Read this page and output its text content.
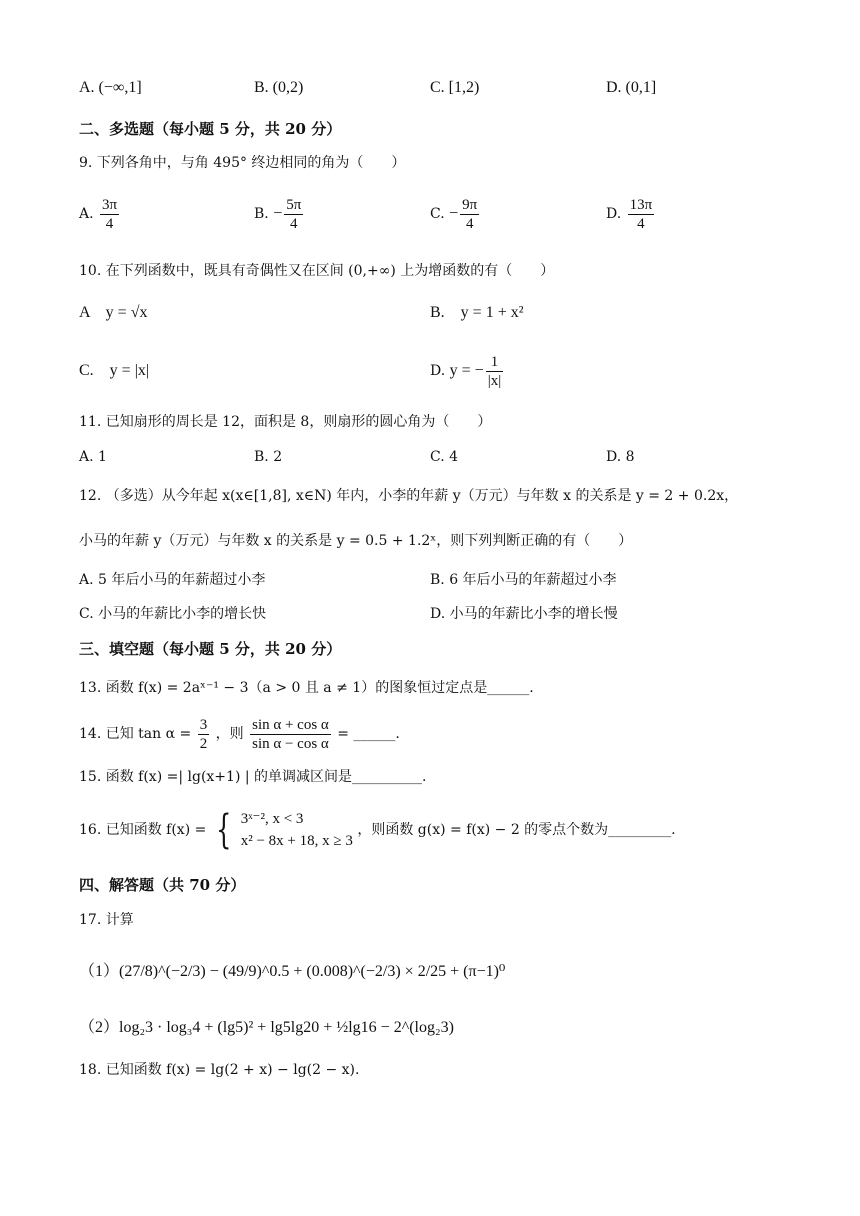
A. (−∞,1]	B. (0,2)	C. [1,2)	D. (0,1]
二、多选题（每小题 5 分，共 20 分）
9. 下列各角中，与角 495° 终边相同的角为（　　）
A. $\frac{3\pi}{4}$	B. − $\frac{5\pi}{4}$	C. − $\frac{9\pi}{4}$	D. $\frac{13\pi}{4}$
10. 在下列函数中，既具有奇偶性又在区间 (0,+∞) 上为增函数的有（　　）
A　y = √x	B.　y = 1 + x²
C.　y = |x|	D. y = − $\frac{1}{|x|}$
11. 已知扇形的周长是 12，面积是 8，则扇形的圆心角为（　　）
A. 1	B. 2	C. 4	D. 8
12. （多选）从今年起 x(x∈[1,8], x∈N) 年内，小李的年薪 y（万元）与年数 x 的关系是 y = 2 + 0.2x，
小马的年薪 y（万元）与年数 x 的关系是 y = 0.5 + 1.2ˣ，则下列判断正确的有（　　）
A. 5 年后小马的年薪超过小李	B. 6 年后小马的年薪超过小李
C. 小马的年薪比小李的增长快	D. 小马的年薪比小李的增长慢
三、填空题（每小题 5 分，共 20 分）
13. 函数 f(x) = 2aˣ⁻¹ − 3（a > 0 且 a ≠ 1）的图象恒过定点是______.
14. 已知 $\tan \alpha = \frac{3}{2}$ ，则 $\frac{\text{sin α + cos α}}{\text{sin α − cos α}}$ = ______.
15. 函数 f(x) =| lg(x+1) | 的单调减区间是__________.
16. 已知函数 f(x) = { 3ˣ⁻², x < 3
x² − 8x + 18, x ≥ 3
，则函数 g(x) = f(x) − 2 的零点个数为_________.
四、解答题（共 70 分）
17. 计算
（1）(27/8)^(−2/3) − (49/9)^0.5 + (0.008)^(−2/3) × 2/25 + (π−1)⁰
（2）log₂3 · log₃4 + (lg5)² + lg5lg20 + ½lg16 − 2^(log₂3)
18. 已知函数 f(x) = lg(2 + x) − lg(2 − x).
